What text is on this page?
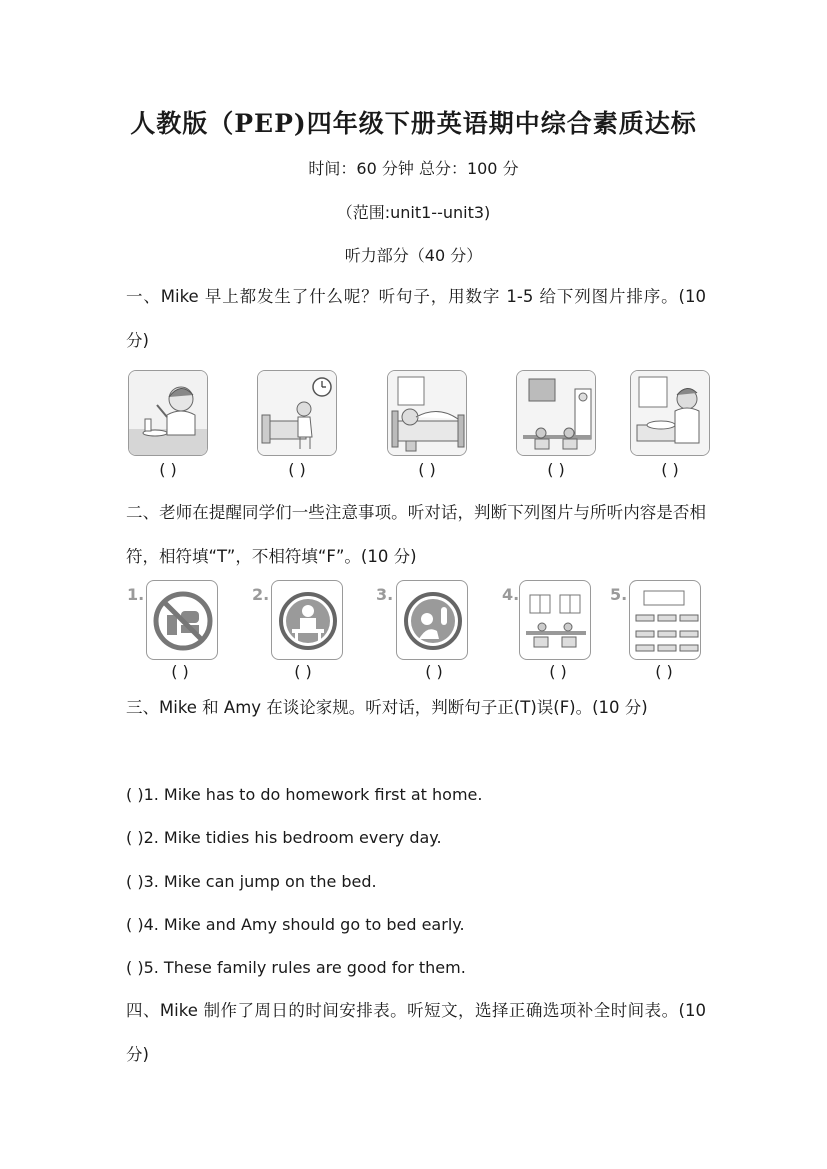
人教版（PEP)四年级下册英语期中综合素质达标
时间：60 分钟 总分：100 分
（范围:unit1--unit3)
听力部分（40 分）
一、Mike 早上都发生了什么呢？听句子，用数字 1-5 给下列图片排序。(10 分)
( )	( )	( )	( )	( )
二、老师在提醒同学们一些注意事项。听对话，判断下列图片与所听内容是否相符，相符填“T”，不相符填“F”。(10 分)
1.	2.	3.	4.	5.
( )	( )	( )	( )	( )
三、Mike 和 Amy 在谈论家规。听对话，判断句子正(T)误(F)。(10 分)
( )1. Mike has to do homework first at home.
( )2. Mike tidies his bedroom every day.
( )3. Mike can jump on the bed.
( )4. Mike and Amy should go to bed early.
( )5. These family rules are good for them.
四、Mike 制作了周日的时间安排表。听短文，选择正确选项补全时间表。(10 分)
